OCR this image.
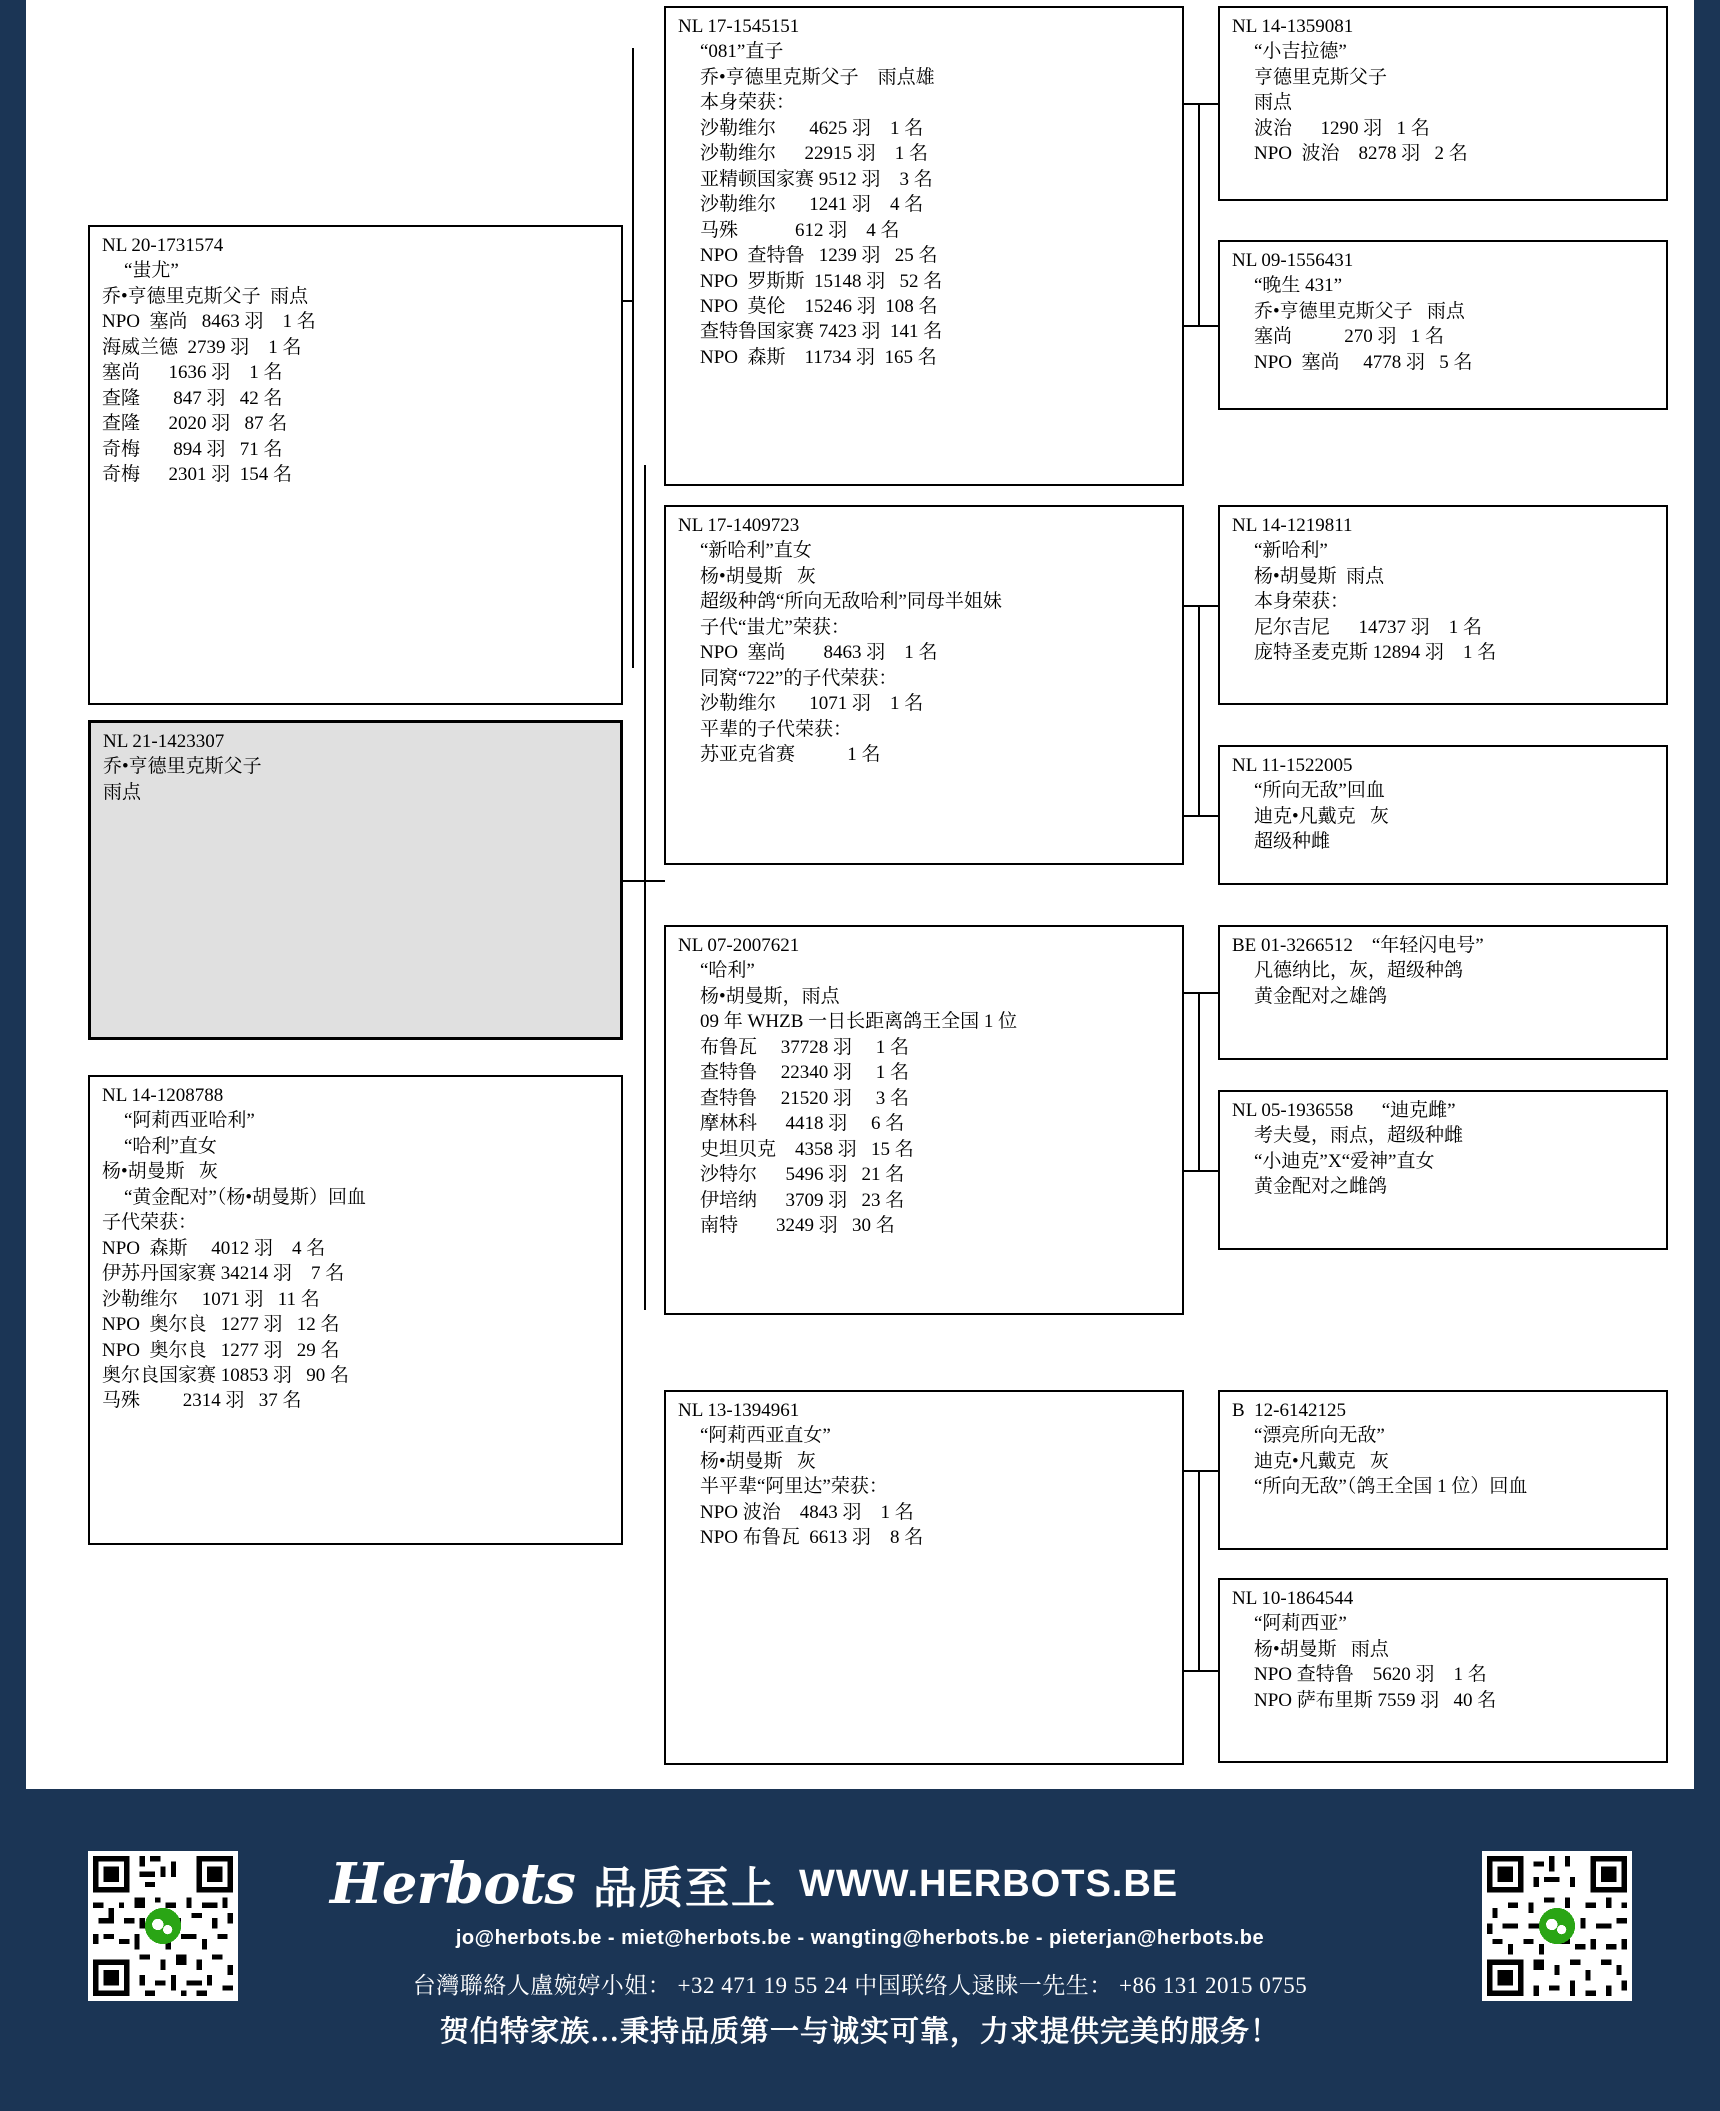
NL 21-1423307
乔•亨德里克斯父子
雨点
NL 20-1731574
“蚩尤”
乔•亨德里克斯父子  雨点
NPO  塞尚   8463 羽    1 名
海威兰德  2739 羽    1 名
塞尚      1636 羽    1 名
查隆       847 羽   42 名
查隆      2020 羽   87 名
奇梅       894 羽   71 名
奇梅      2301 羽  154 名
NL 14-1208788
“阿莉西亚哈利”
“哈利”直女
杨•胡曼斯   灰
“黄金配对”（杨•胡曼斯）回血
子代荣获：
NPO  森斯     4012 羽    4 名
伊苏丹国家赛 34214 羽    7 名
沙勒维尔     1071 羽   11 名
NPO  奥尔良   1277 羽   12 名
NPO  奥尔良   1277 羽   29 名
奥尔良国家赛 10853 羽   90 名
马殊         2314 羽   37 名
NL 17-1545151
“081”直子
乔•亨德里克斯父子    雨点雄
本身荣获：
沙勒维尔       4625 羽    1 名
沙勒维尔      22915 羽    1 名
亚精顿国家赛 9512 羽    3 名
沙勒维尔       1241 羽    4 名
马殊            612 羽    4 名
NPO  查特鲁   1239 羽   25 名
NPO  罗斯斯  15148 羽   52 名
NPO  莫伦    15246 羽  108 名
查特鲁国家赛 7423 羽  141 名
NPO  森斯    11734 羽  165 名
NL 17-1409723
“新哈利”直女
杨•胡曼斯   灰
超级种鸽“所向无敌哈利”同母半姐妹
子代“蚩尤”荣获：
NPO  塞尚        8463 羽    1 名
同窝“722”的子代荣获：
沙勒维尔       1071 羽    1 名
平辈的子代荣获：
苏亚克省赛           1 名
NL 07-2007621
“哈利”
杨•胡曼斯，雨点
09 年 WHZB 一日长距离鸽王全国 1 位
布鲁瓦     37728 羽     1 名
查特鲁     22340 羽     1 名
查特鲁     21520 羽     3 名
摩林科      4418 羽     6 名
史坦贝克    4358 羽   15 名
沙特尔      5496 羽   21 名
伊培纳      3709 羽   23 名
南特        3249 羽   30 名
NL 13-1394961
“阿莉西亚直女”
杨•胡曼斯   灰
半平辈“阿里达”荣获：
NPO 波治    4843 羽    1 名
NPO 布鲁瓦  6613 羽    8 名
NL 14-1359081
“小吉拉德”
亨德里克斯父子
雨点
波治      1290 羽   1 名
NPO  波治    8278 羽   2 名
NL 09-1556431
“晚生 431”
乔•亨德里克斯父子   雨点
塞尚           270 羽   1 名
NPO  塞尚     4778 羽   5 名
NL 14-1219811
“新哈利”
杨•胡曼斯  雨点
本身荣获：
尼尔吉尼      14737 羽    1 名
庞特圣麦克斯 12894 羽    1 名
NL 11-1522005
“所向无敌”回血
迪克•凡戴克   灰
超级种雌
BE 01-3266512    “年轻闪电号”
凡德纳比，灰，超级种鸽
黄金配对之雄鸽
NL 05-1936558      “迪克雌”
考夫曼，雨点，超级种雌
“小迪克”X“爱神”直女
黄金配对之雌鸽
B  12-6142125
“漂亮所向无敌”
迪克•凡戴克   灰
“所向无敌”（鸽王全国 1 位）回血
NL 10-1864544
“阿莉西亚”
杨•胡曼斯   雨点
NPO 查特鲁    5620 羽    1 名
NPO 萨布里斯 7559 羽   40 名
Herbots 品质至上 WWW.HERBOTS.BE
jo@herbots.be - miet@herbots.be - wangting@herbots.be - pieterjan@herbots.be
台灣聯絡人盧婉婷小姐： +32 471 19 55 24 中国联络人逯睐一先生： +86 131 2015 0755
贺伯特家族…秉持品质第一与诚实可靠，力求提供完美的服务！
